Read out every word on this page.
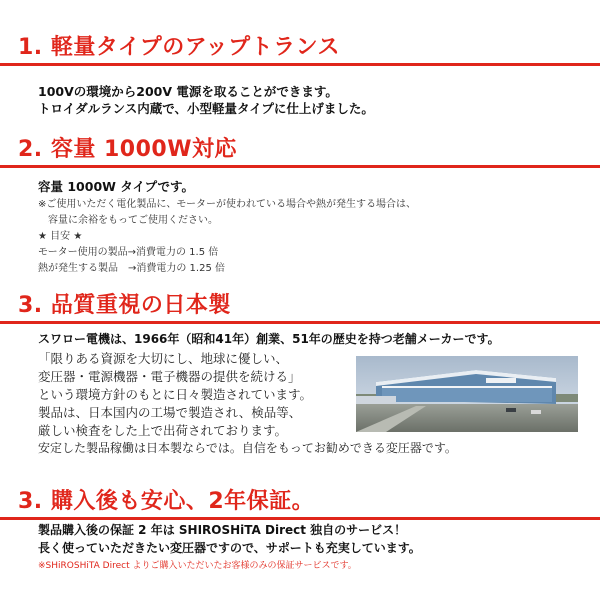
1. 軽量タイプのアップトランス
100Vの環境から200V 電源を取ることができます。
トロイダルランス内蔵で、小型軽量タイプに仕上げました。
2. 容量 1000W対応
容量 1000W タイプです。
※ご使用いただく電化製品に、モーターが使われている場合や熱が発生する場合は、
容量に余裕をもってご使用ください。
★ 目安 ★
モーター使用の製品→消費電力の 1.5 倍
熱が発生する製品　→消費電力の 1.25 倍
3. 品質重視の日本製
スワロー電機は、1966年（昭和41年）創業、51年の歴史を持つ老舗メーカーです。
「限りある資源を大切にし、地球に優しい、
変圧器・電源機器・電子機器の提供を続ける」
という環境方針のもとに日々製造されています。
製品は、日本国内の工場で製造され、検品等、
厳しい検査をした上で出荷されております。
安定した製品稼働は日本製ならでは。自信をもってお勧めできる変圧器です。
3. 購入後も安心、2年保証。
製品購入後の保証 2 年は SHIROSHiTA Direct 独自のサービス！
長く使っていただきたい変圧器ですので、サポートも充実しています。
※SHiROSHiTA Direct よりご購入いただいたお客様のみの保証サービスです。
